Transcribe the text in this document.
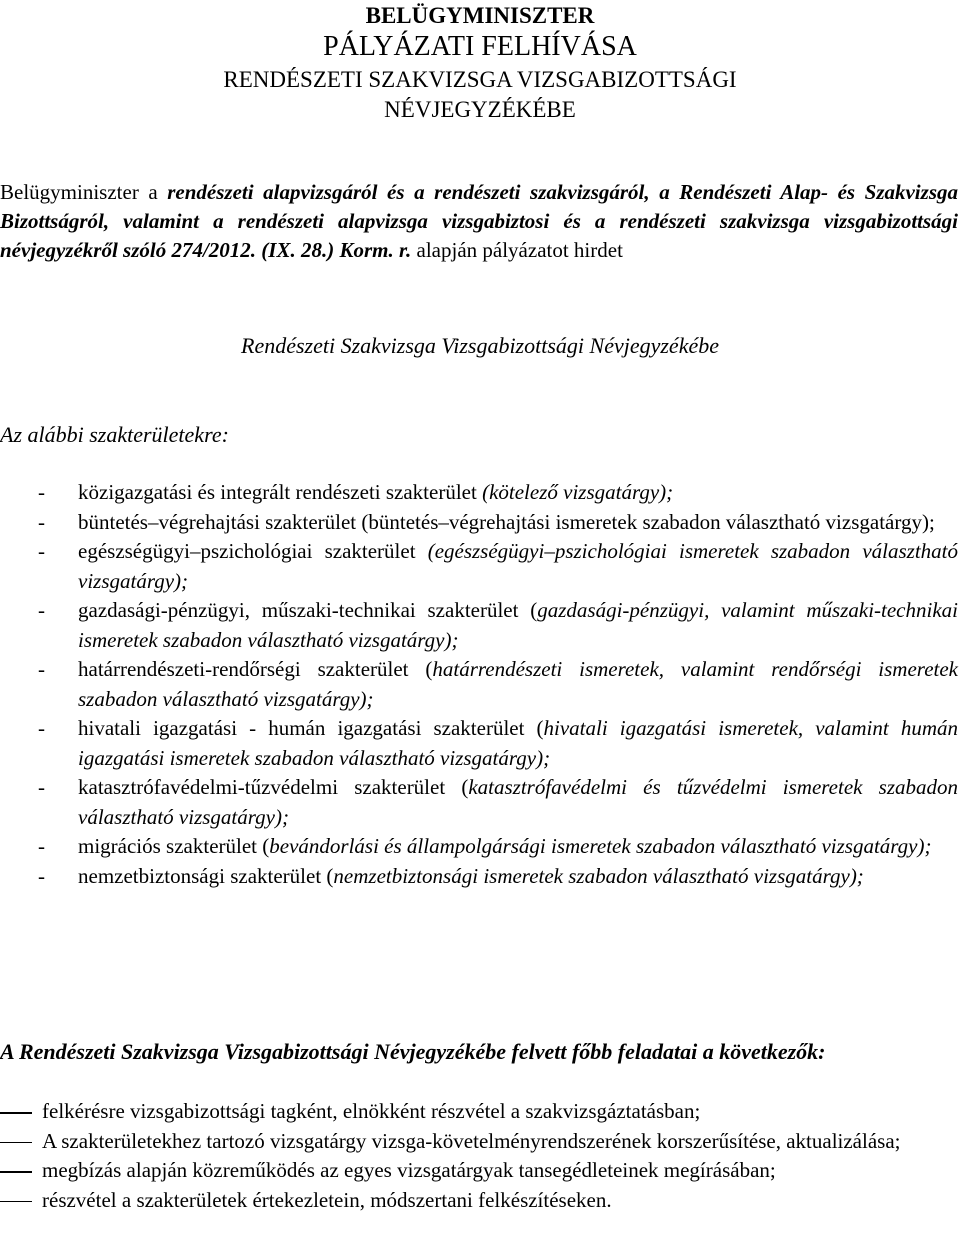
BELÜGYMINISZTER
PÁLYÁZATI FELHÍVÁSA
RENDÉSZETI SZAKVIZSGA VIZSGABIZOTTSÁGI
NÉVJEGYZÉKÉBE
Belügyminiszter a rendészeti alapvizsgáról és a rendészeti szakvizsgáról, a Rendészeti Alap- és Szakvizsga Bizottságról, valamint a rendészeti alapvizsga vizsgabiztosi és a rendészeti szakvizsga vizsgabizottsági névjegyzékről szóló 274/2012. (IX. 28.) Korm. r. alapján pályázatot hirdet
Rendészeti Szakvizsga Vizsgabizottsági Névjegyzékébe
Az alábbi szakterületekre:
- közigazgatási és integrált rendészeti szakterület (kötelező vizsgatárgy);
- büntetés–végrehajtási szakterület (büntetés–végrehajtási ismeretek szabadon választható vizsgatárgy);
- egészségügyi–pszichológiai szakterület (egészségügyi–pszichológiai ismeretek szabadon választható vizsgatárgy);
- gazdasági-pénzügyi, műszaki-technikai szakterület (gazdasági-pénzügyi, valamint műszaki-technikai ismeretek szabadon választható vizsgatárgy);
- határrendészeti-rendőrségi szakterület (határrendészeti ismeretek, valamint rendőrségi ismeretek szabadon választható vizsgatárgy);
- hivatali igazgatási - humán igazgatási szakterület (hivatali igazgatási ismeretek, valamint humán igazgatási ismeretek szabadon választható vizsgatárgy);
- katasztrófavédelmi-tűzvédelmi szakterület (katasztrófavédelmi és tűzvédelmi ismeretek szabadon választható vizsgatárgy);
- migrációs szakterület (bevándorlási és állampolgársági ismeretek szabadon választható vizsgatárgy);
- nemzetbiztonsági szakterület (nemzetbiztonsági ismeretek szabadon választható vizsgatárgy);
A Rendészeti Szakvizsga Vizsgabizottsági Névjegyzékébe felvett főbb feladatai a következők:
felkérésre vizsgabizottsági tagként, elnökként részvétel a szakvizsgáztatásban;
A szakterületekhez tartozó vizsgatárgy vizsga-követelményrendszerének korszerűsítése, aktualizálása;
megbízás alapján közreműködés az egyes vizsgatárgyak tansegédleteinek megírásában;
részvétel a szakterületek értekezletein, módszertani felkészítéseken.
